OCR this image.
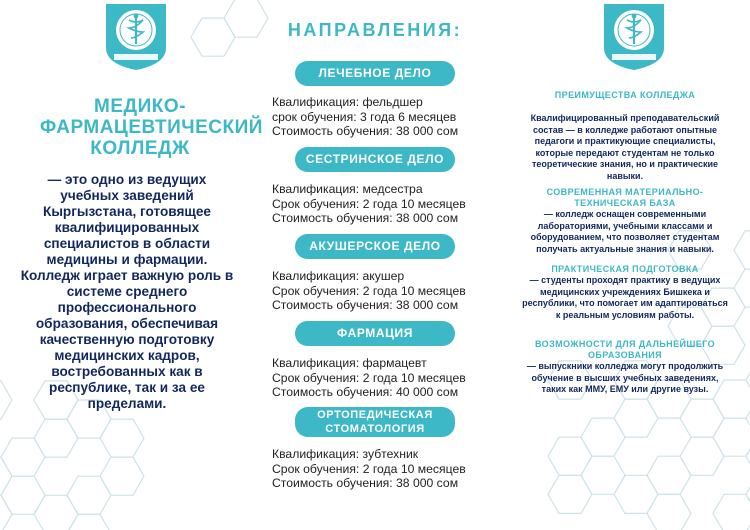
МЕДИКО-
ФАРМАЦЕВТИЧЕСКИЙ
КОЛЛЕДЖ

— это одно из ведущих учебных заведений Кыргызстана, готовящее квалифицированных специалистов в области медицины и фармации. Колледж играет важную роль в системе среднего профессионального образования, обеспечивая качественную подготовку медицинских кадров, востребованных как в республике, так и за ее пределами.

НАПРАВЛЕНИЯ:
ЛЕЧЕБНОЕ ДЕЛО
Квалификация: фельдшер
срок обучения: 3 года 6 месяцев
Стоимость обучения: 38 000 сом
СЕСТРИНСКОЕ ДЕЛО
Квалификация: медсестра
Срок обучения: 2 года 10 месяцев
Стоимость обучения: 38 000 сом
АКУШЕРСКОЕ ДЕЛО
Квалификация: акушер
Срок обучения: 2 года 10 месяцев
Стоимость обучения: 38 000 сом
ФАРМАЦИЯ
Квалификация: фармацевт
Срок обучения: 2 года 10 месяцев
Стоимость обучения: 40 000 сом
ОРТОПЕДИЧЕСКАЯ
СТОМАТОЛОГИЯ
Квалификация: зубтехник
Срок обучения: 2 года 10 месяцев
Стоимость обучения: 38 000 сом
ПРЕИМУЩЕСТВА КОЛЛЕДЖА
Квалифицированный преподавательский состав — в колледже работают опытные педагоги и практикующие специалисты, которые передают студентам не только теоретические знания, но и практические навыки.
СОВРЕМЕННАЯ МАТЕРИАЛЬНО-
ТЕХНИЧЕСКАЯ БАЗА
— колледж оснащен современными лабораториями, учебными классами и оборудованием, что позволяет студентам получать актуальные знания и навыки.
ПРАКТИЧЕСКАЯ ПОДГОТОВКА
— студенты проходят практику в ведущих медицинских учреждениях Бишкека и республики, что помогает им адаптироваться к реальным условиям работы.
ВОЗМОЖНОСТИ ДЛЯ ДАЛЬНЕЙШЕГО
ОБРАЗОВАНИЯ
— выпускники колледжа могут продолжить обучение в высших учебных заведениях, таких как ММУ, ЕМУ или другие вузы.
